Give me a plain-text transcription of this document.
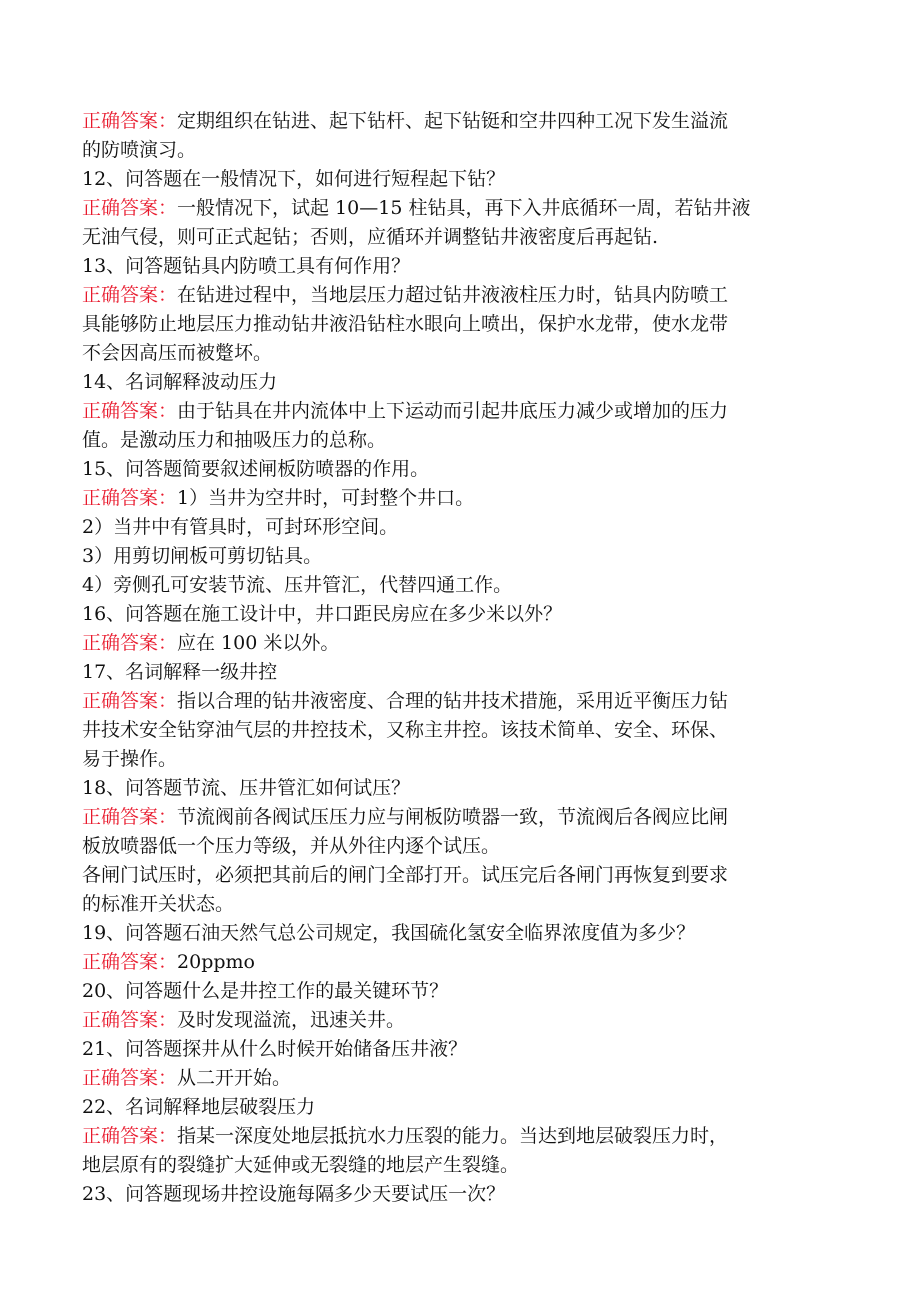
正确答案：定期组织在钻进、起下钻杆、起下钻铤和空井四种工况下发生溢流
的防喷演习。
12、问答题在一般情况下，如何进行短程起下钻？
正确答案：一般情况下，试起 10—15 柱钻具，再下入井底循环一周，若钻井液
无油气侵，则可正式起钻；否则，应循环并调整钻井液密度后再起钻.
13、问答题钻具内防喷工具有何作用？
正确答案：在钻进过程中，当地层压力超过钻井液液柱压力时，钻具内防喷工
具能够防止地层压力推动钻井液沿钻柱水眼向上喷出，保护水龙带，使水龙带
不会因高压而被蹩坏。
14、名词解释波动压力
正确答案：由于钻具在井内流体中上下运动而引起井底压力减少或增加的压力
值。是激动压力和抽吸压力的总称。
15、问答题简要叙述闸板防喷器的作用。
正确答案：1）当井为空井时，可封整个井口。
2）当井中有管具时，可封环形空间。
3）用剪切闸板可剪切钻具。
4）旁侧孔可安装节流、压井管汇，代替四通工作。
16、问答题在施工设计中，井口距民房应在多少米以外？
正确答案：应在 100 米以外。
17、名词解释一级井控
正确答案：指以合理的钻井液密度、合理的钻井技术措施，采用近平衡压力钻
井技术安全钻穿油气层的井控技术，又称主井控。该技术简单、安全、环保、
易于操作。
18、问答题节流、压井管汇如何试压？
正确答案：节流阀前各阀试压压力应与闸板防喷器一致，节流阀后各阀应比闸
板放喷器低一个压力等级，并从外往内逐个试压。
各闸门试压时，必须把其前后的闸门全部打开。试压完后各闸门再恢复到要求
的标准开关状态。
19、问答题石油天然气总公司规定，我国硫化氢安全临界浓度值为多少？
正确答案：20ppmo
20、问答题什么是井控工作的最关键环节？
正确答案：及时发现溢流，迅速关井。
21、问答题探井从什么时候开始储备压井液？
正确答案：从二开开始。
22、名词解释地层破裂压力
正确答案：指某一深度处地层抵抗水力压裂的能力。当达到地层破裂压力时，
地层原有的裂缝扩大延伸或无裂缝的地层产生裂缝。
23、问答题现场井控设施每隔多少天要试压一次？
